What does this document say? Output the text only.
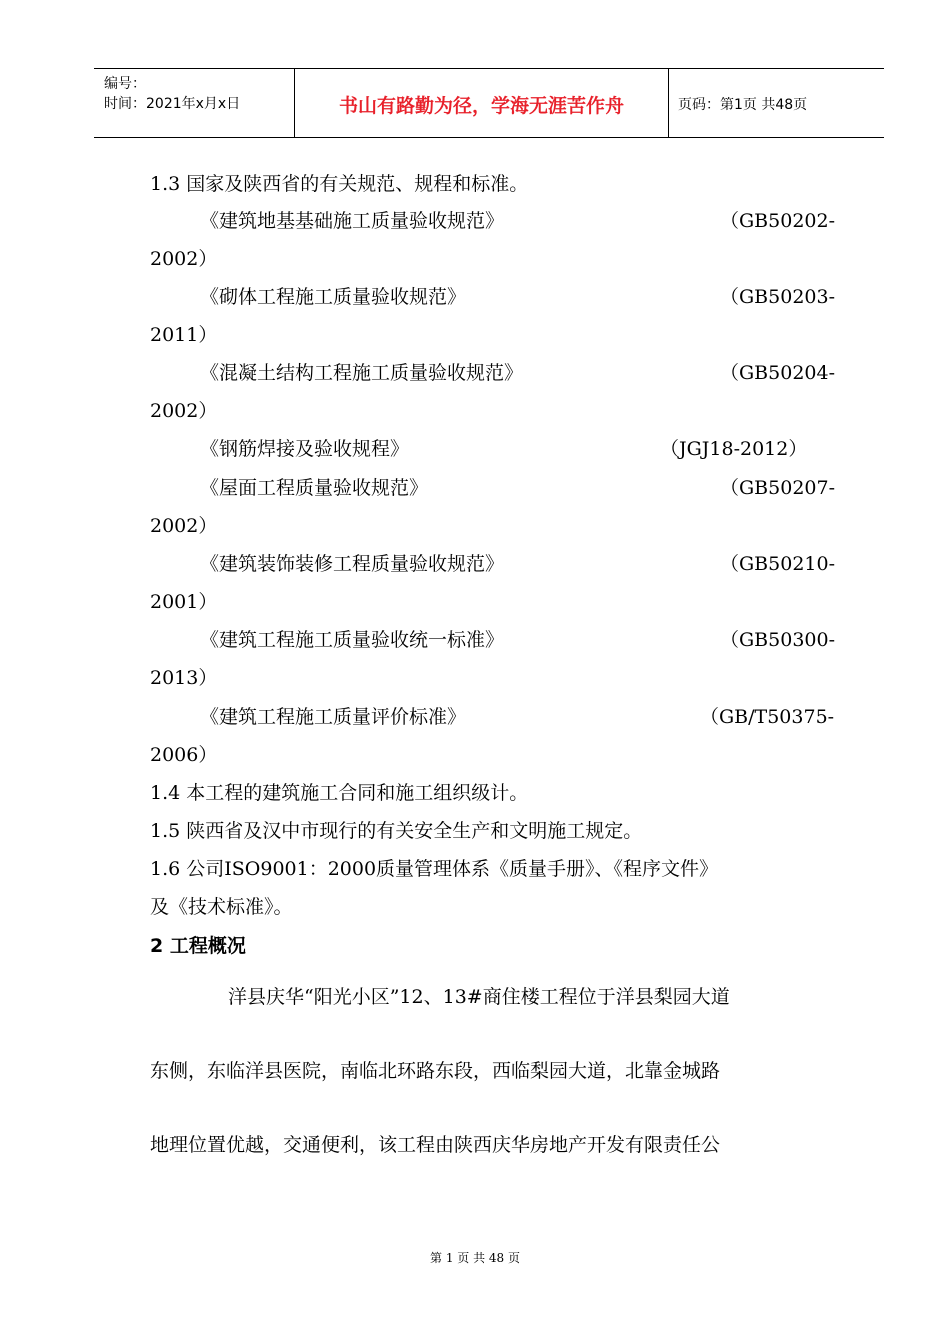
编号：
时间：2021年x月x日	书山有路勤为径，学海无涯苦作舟	页码：第1页 共48页
1.3 国家及陕西省的有关规范、规程和标准。
《建筑地基基础施工质量验收规范》	（GB50202-
2002）
《砌体工程施工质量验收规范》	（GB50203-
2011）
《混凝土结构工程施工质量验收规范》	（GB50204-
2002）
《钢筋焊接及验收规程》	（JGJ18-2012）
《屋面工程质量验收规范》	（GB50207-
2002）
《建筑装饰装修工程质量验收规范》	（GB50210-
2001）
《建筑工程施工质量验收统一标准》	（GB50300-
2013）
《建筑工程施工质量评价标准》	（GB/T50375-
2006）
1.4 本工程的建筑施工合同和施工组织级计。
1.5 陕西省及汉中市现行的有关安全生产和文明施工规定。
1.6 公司ISO9001：2000质量管理体系《质量手册》、《程序文件》
及《技术标准》。
2 工程概况
洋县庆华“阳光小区”12、13#商住楼工程位于洋县梨园大道
东侧，东临洋县医院，南临北环路东段，西临梨园大道，北靠金城路
地理位置优越，交通便利，该工程由陕西庆华房地产开发有限责任公
第 1 页 共 48 页
